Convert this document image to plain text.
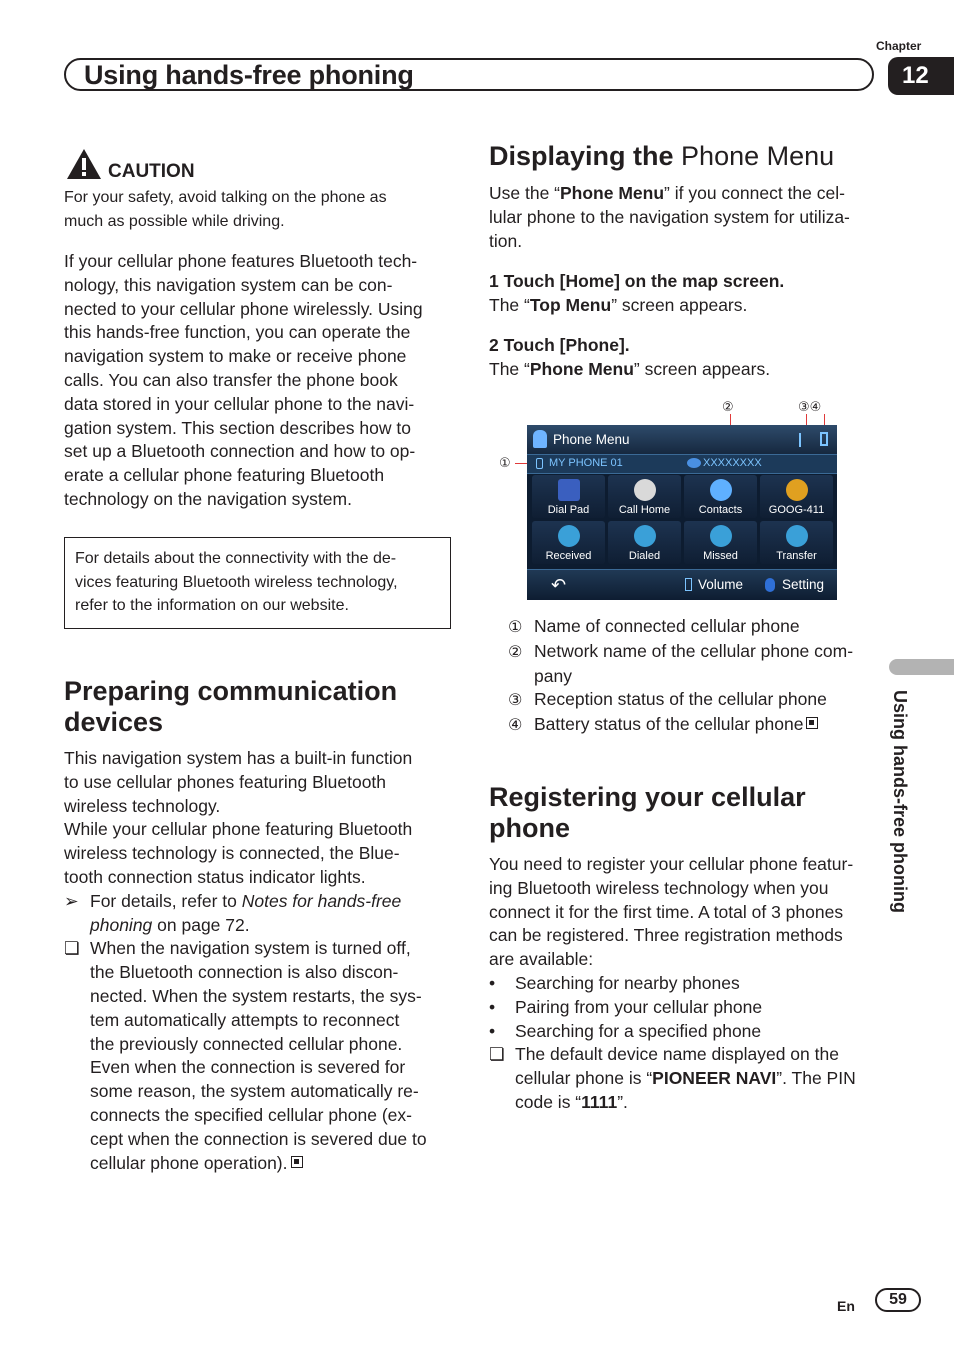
Chapter
Using hands-free phoning	12
Using hands-free phoning
CAUTION
For your safety, avoid talking on the phone as
much as possible while driving.
If your cellular phone features Bluetooth tech-
nology, this navigation system can be con-
nected to your cellular phone wirelessly. Using
this hands-free function, you can operate the
navigation system to make or receive phone
calls. You can also transfer the phone book
data stored in your cellular phone to the navi-
gation system. This section describes how to
set up a Bluetooth connection and how to op-
erate a cellular phone featuring Bluetooth
technology on the navigation system.
For details about the connectivity with the de-
vices featuring Bluetooth wireless technology,
refer to the information on our website.
Preparing communication
devices
This navigation system has a built-in function
to use cellular phones featuring Bluetooth
wireless technology.
While your cellular phone featuring Bluetooth
wireless technology is connected, the Blue-
tooth connection status indicator lights.
➢ For details, refer to Notes for hands-free
phoning on page 72.
❏ When the navigation system is turned off,
the Bluetooth connection is also discon-
nected. When the system restarts, the sys-
tem automatically attempts to reconnect
the previously connected cellular phone.
Even when the connection is severed for
some reason, the system automatically re-
connects the specified cellular phone (ex-
cept when the connection is severed due to
cellular phone operation).
Displaying the Phone Menu
Use the “Phone Menu” if you connect the cel-
lular phone to the navigation system for utiliza-
tion.
1 Touch [Home] on the map screen.
The “Top Menu” screen appears.
2 Touch [Phone].
The “Phone Menu” screen appears.
②	③④
①
Phone Menu
MY PHONE 01	XXXXXXXX
Dial Pad	Call Home	Contacts	GOOG-411
Received	Dialed	Missed	Transfer
↶	Volume	Setting
① Name of connected cellular phone
② Network name of the cellular phone com-
pany
③ Reception status of the cellular phone
④ Battery status of the cellular phone
Registering your cellular
phone
You need to register your cellular phone featur-
ing Bluetooth wireless technology when you
connect it for the first time. A total of 3 phones
can be registered. Three registration methods
are available:
• Searching for nearby phones
• Pairing from your cellular phone
• Searching for a specified phone
❏ The default device name displayed on the
cellular phone is “PIONEER NAVI”. The PIN
code is “1111”.
En	59
